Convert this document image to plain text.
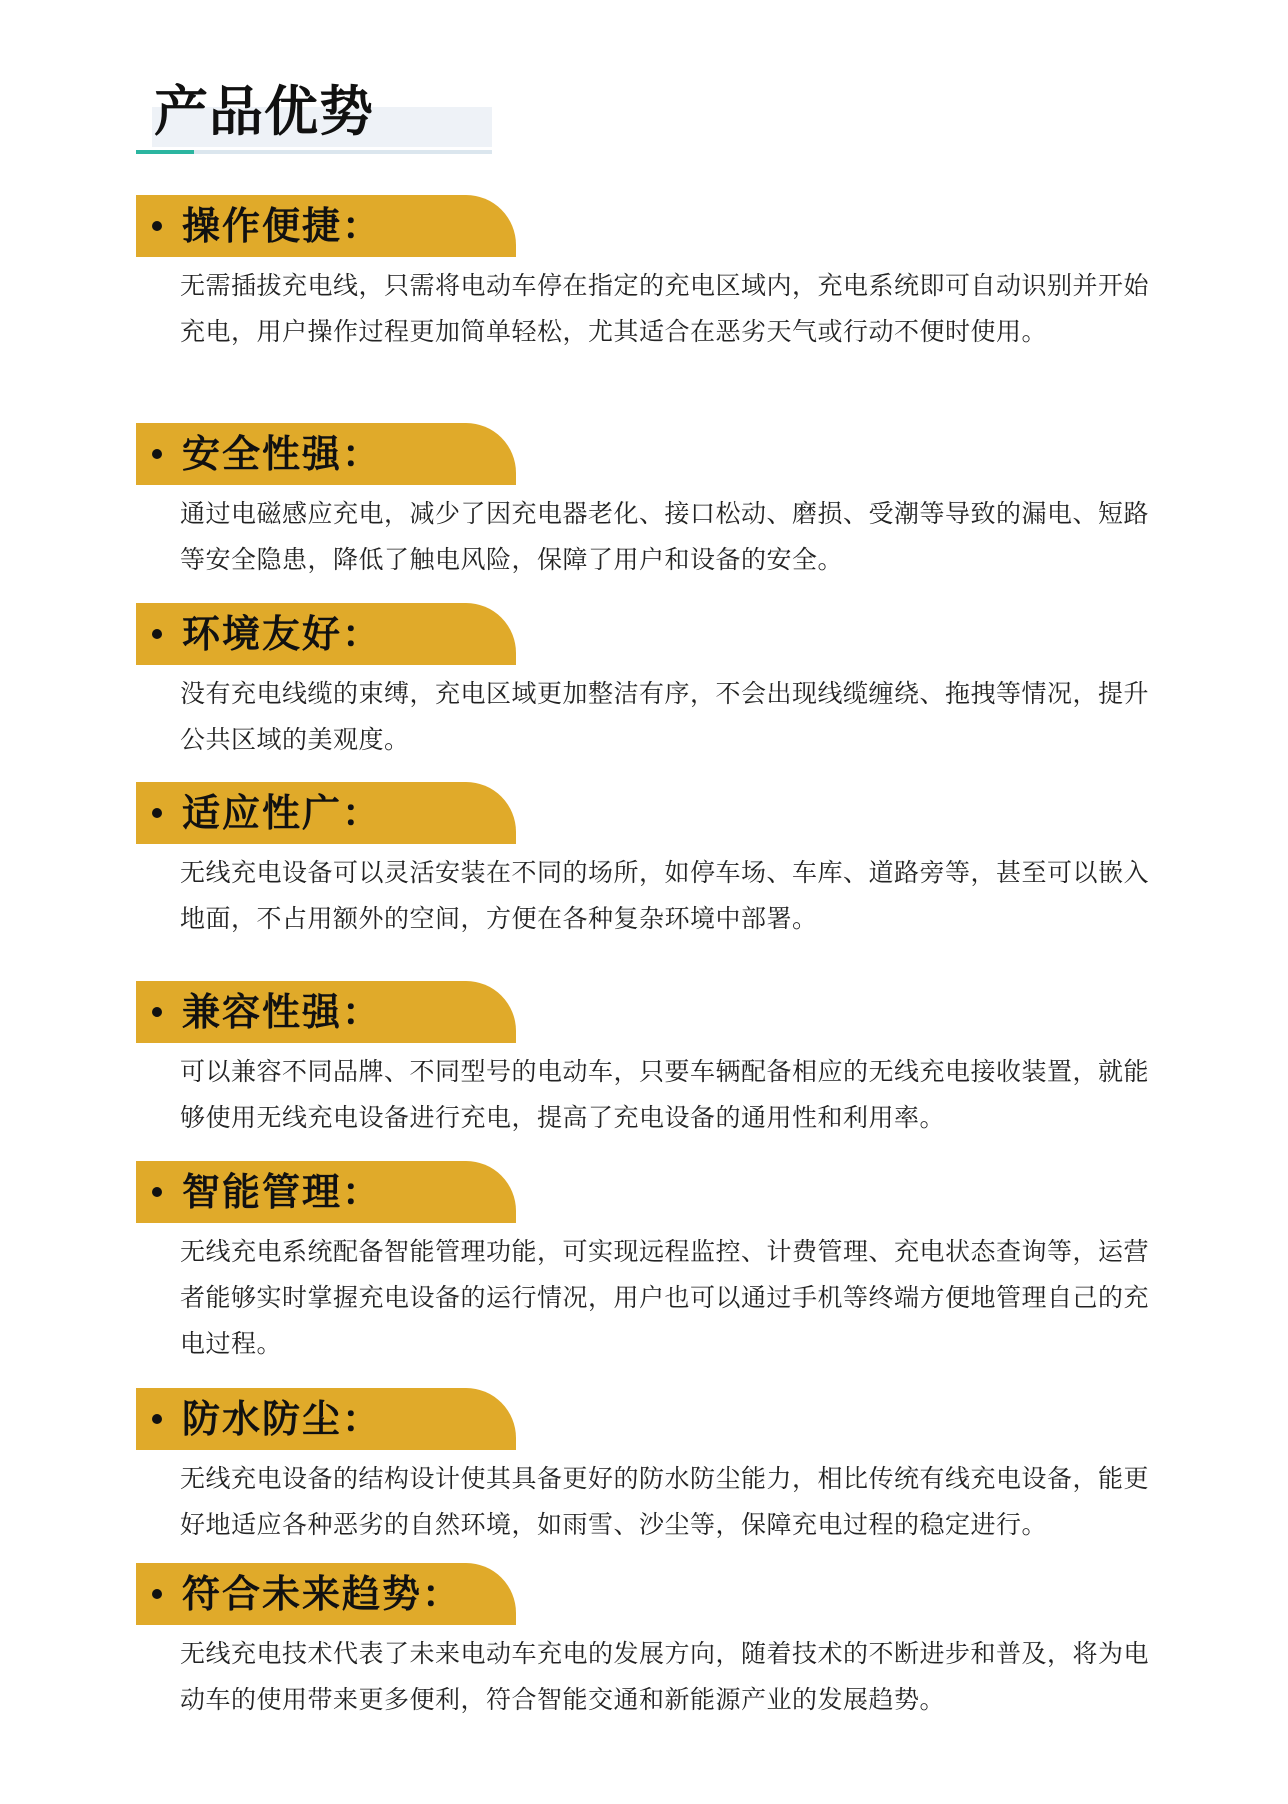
产品优势
操作便捷：
无需插拔充电线，只需将电动车停在指定的充电区域内，充电系统即可自动识别并开始充电，用户操作过程更加简单轻松，尤其适合在恶劣天气或行动不便时使用。
安全性强：
通过电磁感应充电，减少了因充电器老化、接口松动、磨损、受潮等导致的漏电、短路等安全隐患，降低了触电风险，保障了用户和设备的安全。
环境友好：
没有充电线缆的束缚，充电区域更加整洁有序，不会出现线缆缠绕、拖拽等情况，提升公共区域的美观度。
适应性广：
无线充电设备可以灵活安装在不同的场所，如停车场、车库、道路旁等，甚至可以嵌入地面，不占用额外的空间，方便在各种复杂环境中部署。
兼容性强：
可以兼容不同品牌、不同型号的电动车，只要车辆配备相应的无线充电接收装置，就能够使用无线充电设备进行充电，提高了充电设备的通用性和利用率。
智能管理：
无线充电系统配备智能管理功能，可实现远程监控、计费管理、充电状态查询等，运营者能够实时掌握充电设备的运行情况，用户也可以通过手机等终端方便地管理自己的充电过程。
防水防尘：
无线充电设备的结构设计使其具备更好的防水防尘能力，相比传统有线充电设备，能更好地适应各种恶劣的自然环境，如雨雪、沙尘等，保障充电过程的稳定进行。
符合未来趋势：
无线充电技术代表了未来电动车充电的发展方向，随着技术的不断进步和普及，将为电动车的使用带来更多便利，符合智能交通和新能源产业的发展趋势。
